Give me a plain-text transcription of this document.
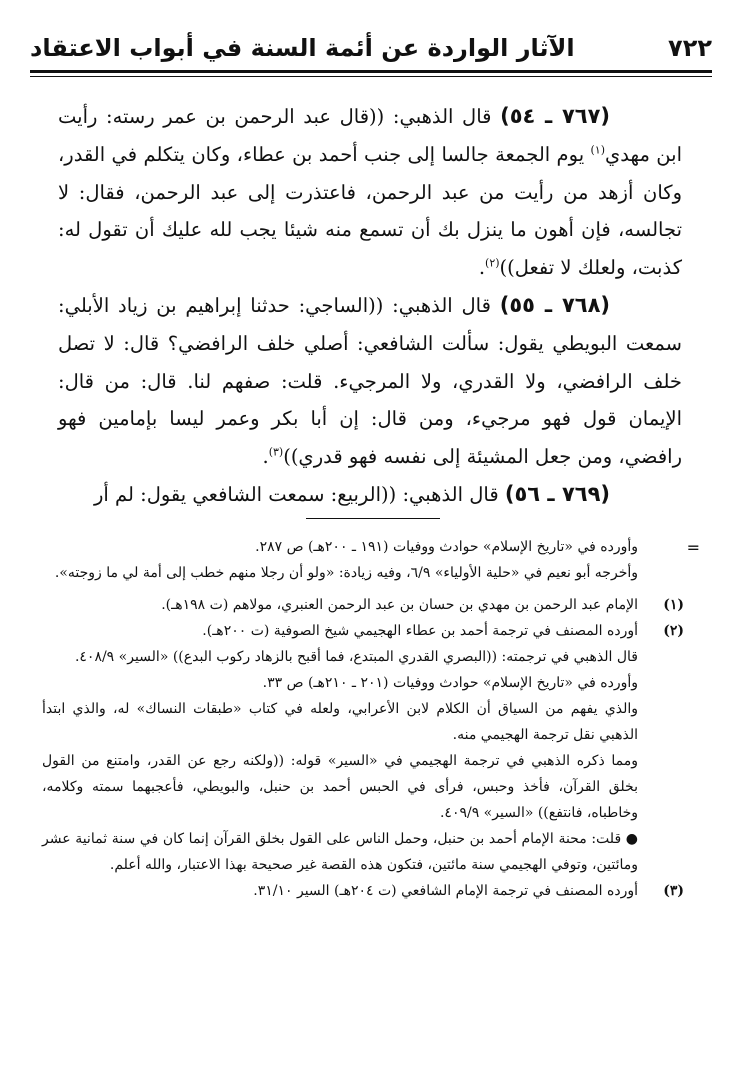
٧٢٢
الآثار الواردة عن أئمة السنة في أبواب الاعتقاد

(٧٦٧ ـ ٥٤) قال الذهبي: ((قال عبد الرحمن بن عمر رسته: رأيت ابن مهدي$^{(١)}$ يوم الجمعة جالسا إلى جنب أحمد بن عطاء، وكان يتكلم في القدر، وكان أزهد من رأيت من عبد الرحمن، فاعتذرت إلى عبد الرحمن، فقال: لا تجالسه، فإن أهون ما ينزل بك أن تسمع منه شيئا يجب لله عليك أن تقول له: كذبت، ولعلك لا تفعل))$^{(٢)}$.

(٧٦٨ ـ ٥٥) قال الذهبي: ((الساجي: حدثنا إبراهيم بن زياد الأبلي: سمعت البويطي يقول: سألت الشافعي: أصلي خلف الرافضي؟ قال: لا تصل خلف الرافضي، ولا القدري، ولا المرجيء. قلت: صفهم لنا. قال: من قال: الإيمان قول فهو مرجيء، ومن قال: إن أبا بكر وعمر ليسا بإمامين فهو رافضي، ومن جعل المشيئة إلى نفسه فهو قدري))$^{(٣)}$.

(٧٦٩ ـ ٥٦) قال الذهبي: ((الربيع: سمعت الشافعي يقول: لم أر

=

وأورده في «تاريخ الإسلام» حوادث ووفيات (١٩١ ـ ٢٠٠هـ) ص ٢٨٧.

وأخرجه أبو نعيم في «حلية الأولياء» ٦/٩، وفيه زيادة: «ولو أن رجلا منهم خطب إلى أمة لي ما زوجته».

(١)

الإمام عبد الرحمن بن مهدي بن حسان بن عبد الرحمن العنبري، مولاهم (ت ١٩٨هـ).

(٢)

أورده المصنف في ترجمة أحمد بن عطاء الهجيمي شيخ الصوفية (ت ٢٠٠هـ).

قال الذهبي في ترجمته: ((البصري القدري المبتدع، فما أقبح بالزهاد ركوب البدع)) «السير» ٤٠٨/٩.

وأورده في «تاريخ الإسلام» حوادث ووفيات (٢٠١ ـ ٢١٠هـ) ص ٣٣.

والذي يفهم من السياق أن الكلام لابن الأعرابي، ولعله في كتاب «طبقات النساك» له، والذي ابتدأ الذهبي نقل ترجمة الهجيمي منه.

ومما ذكره الذهبي في ترجمة الهجيمي في «السير» قوله: ((ولكنه رجع عن القدر، وامتنع من القول بخلق القرآن، فأخذ وحبس، فرأى في الحبس أحمد بن حنبل، والبويطي، فأعجبهما سمته وكلامه، وخاطباه، فانتفع)) «السير» ٤٠٩/٩.

● قلت: محنة الإمام أحمد بن حنبل، وحمل الناس على القول بخلق القرآن إنما كان في سنة ثمانية عشر ومائتين، وتوفي الهجيمي سنة مائتين، فتكون هذه القصة غير صحيحة بهذا الاعتبار، والله أعلم.

(٣)

أورده المصنف في ترجمة الإمام الشافعي (ت ٢٠٤هـ) السير ٣١/١٠.
